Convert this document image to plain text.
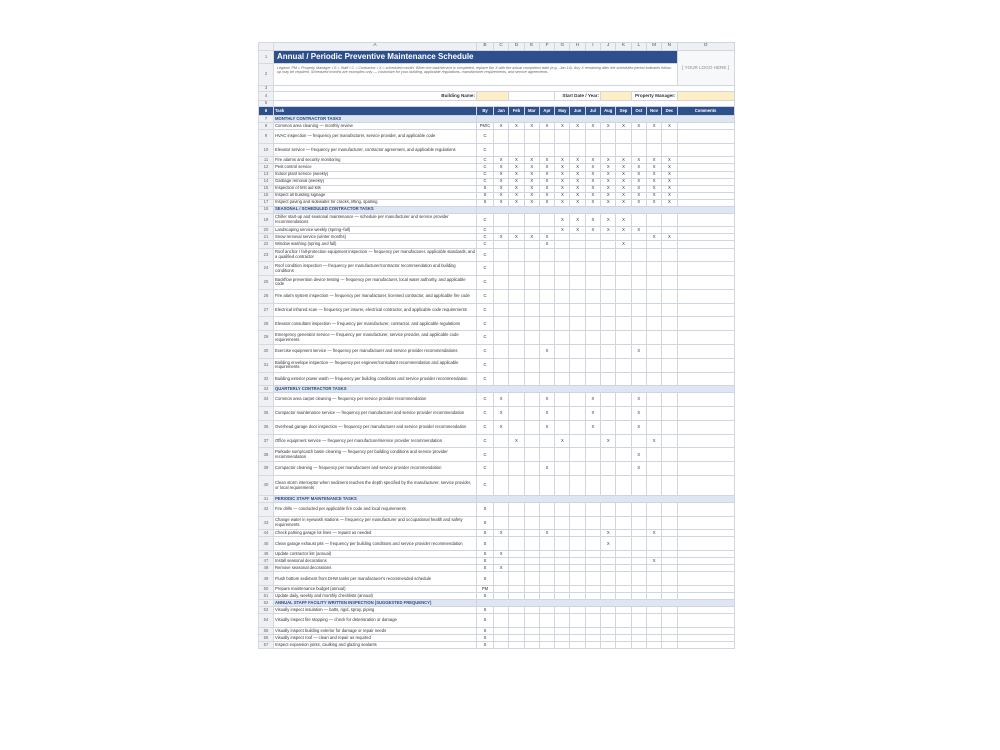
	A	B	C	D	E	F	G	H	I	J	K	L	M	N	O
1	Annual / Periodic Preventive Maintenance Schedule														[ YOUR LOGO HERE ]
2	Legend: PM = Property Manager • S = Staff • C = Contractor • X = scheduled month. When the task/service is completed, replace the X with the actual completion date (e.g., Jan 14). Any X remaining after the scheduled period indicates follow-up may be required. Scheduled months are examples only — customize for your building, applicable regulations, manufacturer requirements, and service agreements.														
3															
4	Building Name:						Start Date / Year:					Property Manager:			
5															
6	Task	By	Jan	Feb	Mar	Apr	May	Jun	Jul	Aug	Sep	Oct	Nov	Dec	Comments
7	MONTHLY CONTRACTOR TASKS														
8	Common area cleaning — monthly review	PM/C	X	X	X	X	X	X	X	X	X	X	X	X	
9	HVAC inspection — frequency per manufacturer, service provider, and applicable code	C													
10	Elevator service — frequency per manufacturer, contractor agreement, and applicable regulations	C													
11	Fire alarms and security monitoring	C	X	X	X	X	X	X	X	X	X	X	X	X	
12	Pest control service	C	X	X	X	X	X	X	X	X	X	X	X	X	
13	Indoor plant service (weekly)	C	X	X	X	X	X	X	X	X	X	X	X	X	
14	Garbage removal (weekly)	C	X	X	X	X	X	X	X	X	X	X	X	X	
15	Inspection of first aid kits	S	X	X	X	X	X	X	X	X	X	X	X	X	
16	Inspect all building signage	S	X	X	X	X	X	X	X	X	X	X	X	X	
17	Inspect paving and sidewalks for cracks, lifting, spalling	S	X	X	X	X	X	X	X	X	X	X	X	X	
18	SEASONAL / SCHEDULED CONTRACTOR TASKS														
19	Chiller start-up and seasonal maintenance — schedule per manufacturer and service provider recommendations	C					X	X	X	X	X				
20	Landscaping service weekly (spring–fall)	C					X	X	X	X	X	X			
21	Snow removal service (winter months)	C	X	X	X	X							X	X	
22	Window washing (spring and fall)	C				X					X				
23	Roof anchor / fall-protection equipment inspection — frequency per manufacturer, applicable standards, and a qualified contractor	C													
24	Roof condition inspection — frequency per manufacturer/contractor recommendation and building conditions	C													
25	Backflow prevention device testing — frequency per manufacturer, local water authority, and applicable code	C													
26	Fire alarm system inspection — frequency per manufacturer, licensed contractor, and applicable fire code	C													
27	Electrical infrared scan — frequency per insurer, electrical contractor, and applicable code requirements	C													
28	Elevator consultant inspection — frequency per manufacturer, contractor, and applicable regulations	C													
29	Emergency generator service — frequency per manufacturer, service provider, and applicable code requirements	C													
30	Exercise equipment service — frequency per manufacturer and service provider recommendations	C				X						X			
31	Building envelope inspection — frequency per engineer/consultant recommendation and applicable requirements	C													
32	Building exterior power wash — frequency per building conditions and service provider recommendation	C													
33	QUARTERLY CONTRACTOR TASKS														
34	Common area carpet cleaning — frequency per service provider recommendation	C	X			X			X			X			
35	Compactor maintenance service — frequency per manufacturer and service provider recommendation	C	X			X			X			X			
36	Overhead garage door inspection — frequency per manufacturer and service provider recommendation	C	X			X			X			X			
37	Office equipment service — frequency per manufacturer/service provider recommendation	C		X			X			X			X		
38	Parkade sump/catch basin cleaning — frequency per building conditions and service provider recommendation	C										X			
39	Compactor cleaning — frequency per manufacturer and service provider recommendation	C				X						X			
40	Clean storm interceptor when sediment reaches the depth specified by the manufacturer, service provider, or local requirements	C													
41	PERIODIC STAFF MAINTENANCE TASKS														
42	Fire drills — conducted per applicable fire code and local requirements	S													
43	Change water in eyewash stations — frequency per manufacturer and occupational health and safety requirements	S													
44	Check parking garage lot lines — repaint as needed	S	X			X				X			X		
45	Clean garage exhaust pits — frequency per building conditions and service provider recommendation	S								X					
46	Update contractor list (annual)	S	X												
47	Install seasonal decorations	S											X		
48	Remove seasonal decorations	S	X												
49	Flush bottom sediment from DHW tanks per manufacturer's recommended schedule	S													
50	Prepare maintenance budget (annual)	PM													
51	Update daily, weekly and monthly checklists (annual)	S													
52	ANNUAL STAFF FACILITY WRITTEN INSPECTION (SUGGESTED FREQUENCY)														
53	Visually inspect insulation — batts, rigid, spray, piping	S													
54	Visually inspect fire stopping — check for deterioration or damage	S													
55	Visually inspect building exterior for damage or repair needs	S													
56	Visually inspect roof — clean and repair as required	S													
57	Inspect expansion joints, caulking and glazing sealants	S													
